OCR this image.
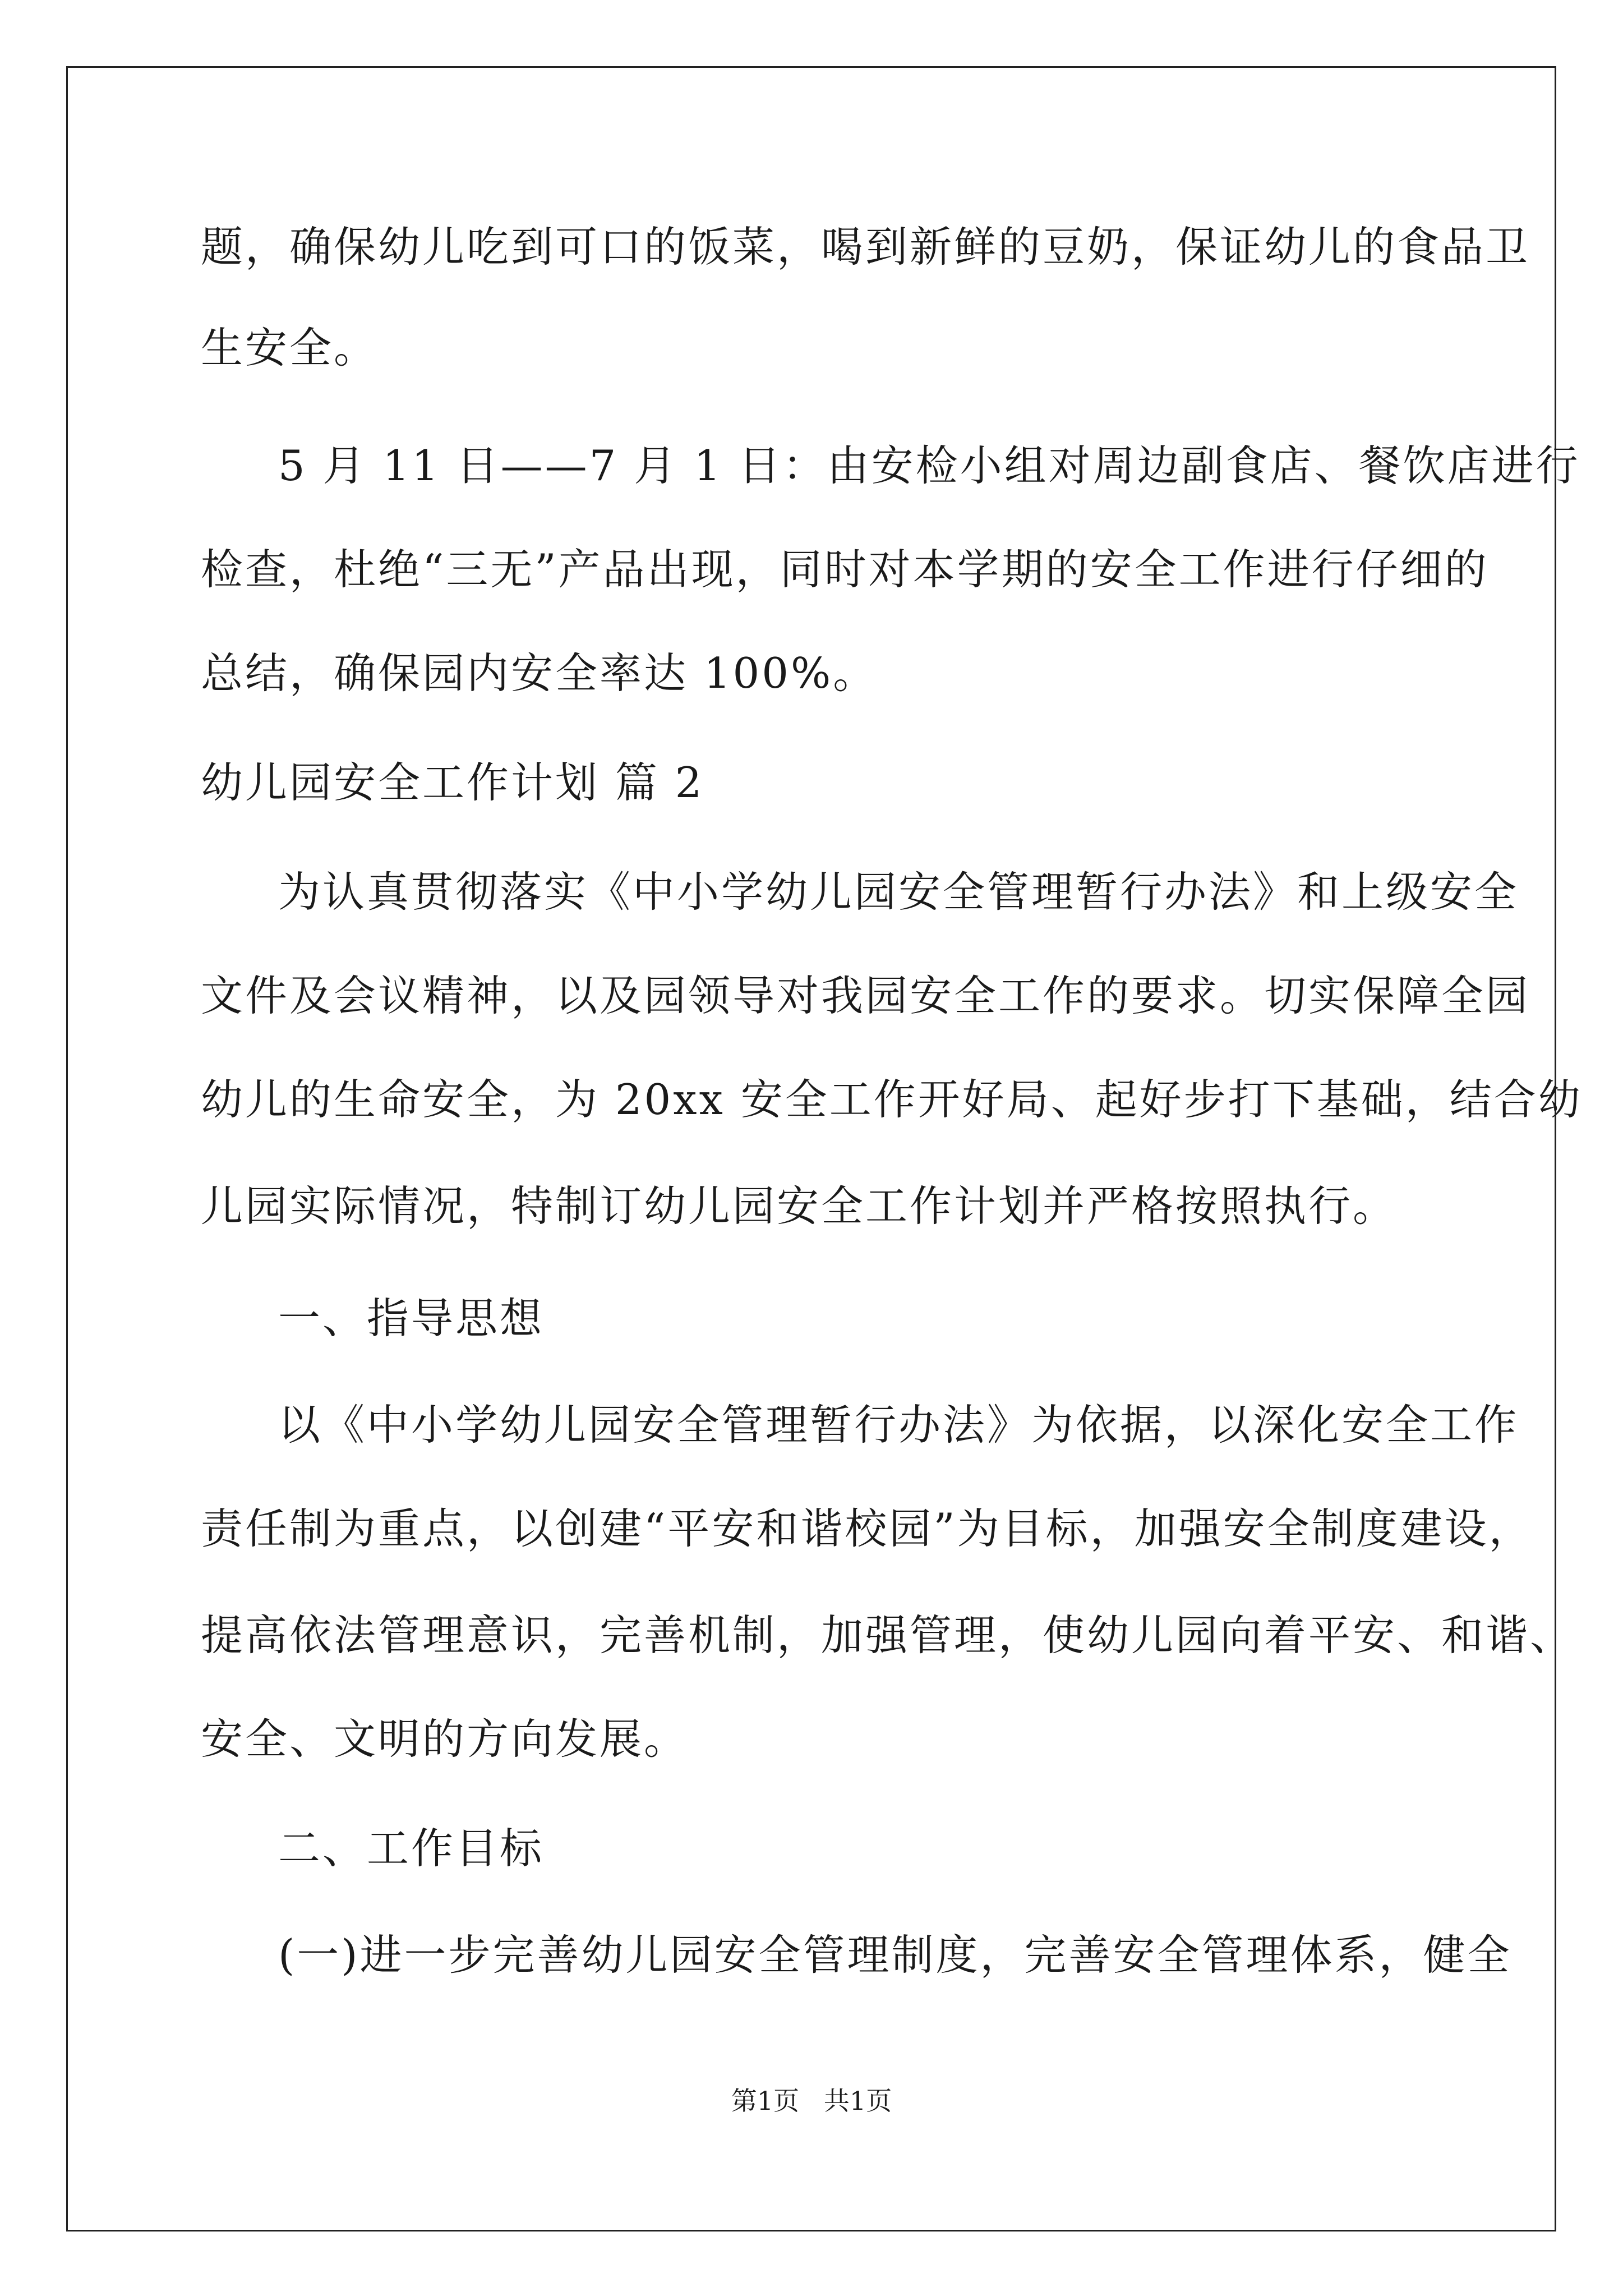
题，确保幼儿吃到可口的饭菜，喝到新鲜的豆奶，保证幼儿的食品卫
生安全。
5 月 11 日——7 月 1 日：由安检小组对周边副食店、餐饮店进行
检查，杜绝“三无”产品出现，同时对本学期的安全工作进行仔细的
总结，确保园内安全率达 100%。
幼儿园安全工作计划 篇 2
为认真贯彻落实《中小学幼儿园安全管理暂行办法》和上级安全
文件及会议精神，以及园领导对我园安全工作的要求。切实保障全园
幼儿的生命安全，为 20xx 安全工作开好局、起好步打下基础，结合幼
儿园实际情况，特制订幼儿园安全工作计划并严格按照执行。
一、指导思想
以《中小学幼儿园安全管理暂行办法》为依据，以深化安全工作
责任制为重点，以创建“平安和谐校园”为目标，加强安全制度建设，
提高依法管理意识，完善机制，加强管理，使幼儿园向着平安、和谐、
安全、文明的方向发展。
二、工作目标
(一)进一步完善幼儿园安全管理制度，完善安全管理体系，健全
第1页   共1页
